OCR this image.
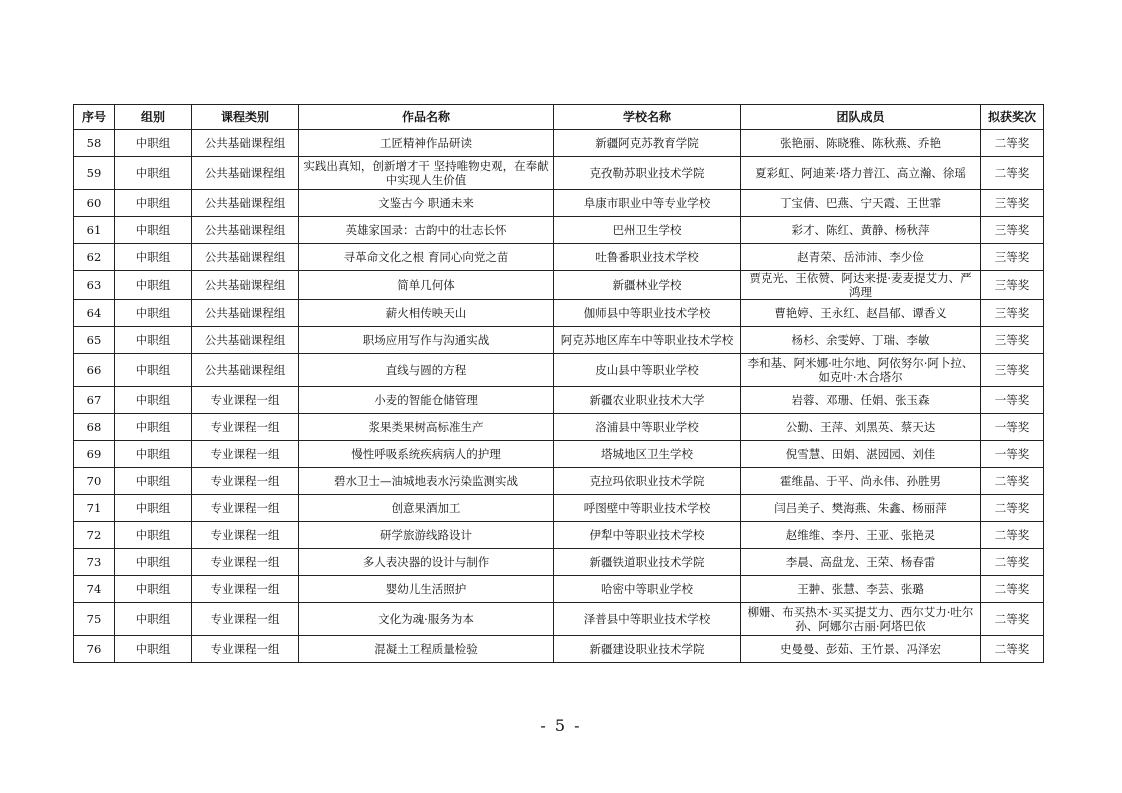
序号	组别	课程类别	作品名称	学校名称	团队成员	拟获奖次
58	中职组	公共基础课程组	工匠精神作品研读	新疆阿克苏教育学院	张艳丽、陈晓雅、陈秋燕、乔艳	二等奖
59	中职组	公共基础课程组	实践出真知，创新增才干 坚持唯物史观，在奉献中实现人生价值	克孜勒苏职业技术学院	夏彩虹、阿迪莱·塔力普江、高立瀚、徐瑶	二等奖
60	中职组	公共基础课程组	文鉴古今 职通未来	阜康市职业中等专业学校	丁宝倩、巴燕、宁天霞、王世霏	三等奖
61	中职组	公共基础课程组	英雄家国录：古韵中的壮志长怀	巴州卫生学校	彩才、陈红、黄静、杨秋萍	三等奖
62	中职组	公共基础课程组	寻革命文化之根 育同心向党之苗	吐鲁番职业技术学校	赵青荣、岳沛沛、李少俭	三等奖
63	中职组	公共基础课程组	简单几何体	新疆林业学校	贾克光、王依赞、阿达来提·麦麦提艾力、严鸿理	三等奖
64	中职组	公共基础课程组	薪火相传映天山	伽师县中等职业技术学校	曹艳婷、王永红、赵昌郁、谭香义	三等奖
65	中职组	公共基础课程组	职场应用写作与沟通实战	阿克苏地区库车中等职业技术学校	杨杉、余雯婷、丁瑞、李敏	三等奖
66	中职组	公共基础课程组	直线与圆的方程	皮山县中等职业学校	李和基、阿米娜·吐尔地、阿依努尔·阿卜拉、如克叶·木合塔尔	三等奖
67	中职组	专业课程一组	小麦的智能仓储管理	新疆农业职业技术大学	岩蓉、邓珊、任娟、张玉森	一等奖
68	中职组	专业课程一组	浆果类果树高标准生产	洛浦县中等职业学校	公勤、王萍、刘黑英、蔡天达	一等奖
69	中职组	专业课程一组	慢性呼吸系统疾病病人的护理	塔城地区卫生学校	倪雪慧、田娟、湛园园、刘佳	一等奖
70	中职组	专业课程一组	碧水卫士—油城地表水污染监测实战	克拉玛依职业技术学院	霍维晶、于平、尚永伟、孙胜男	二等奖
71	中职组	专业课程一组	创意果酒加工	呼图壁中等职业技术学校	闫吕美子、樊海燕、朱鑫、杨丽萍	二等奖
72	中职组	专业课程一组	研学旅游线路设计	伊犁中等职业技术学校	赵维维、李丹、王亚、张艳灵	二等奖
73	中职组	专业课程一组	多人表决器的设计与制作	新疆铁道职业技术学院	李晨、高盘龙、王荣、杨春雷	二等奖
74	中职组	专业课程一组	婴幼儿生活照护	哈密中等职业学校	王翀、张慧、李芸、张璐	二等奖
75	中职组	专业课程一组	文化为魂·服务为本	泽普县中等职业技术学校	柳姗、布买热木·买买提艾力、西尔艾力·吐尔孙、阿娜尔古丽·阿塔巴依	二等奖
76	中职组	专业课程一组	混凝土工程质量检验	新疆建设职业技术学院	史曼曼、彭茹、王竹景、冯泽宏	二等奖
- 5 -
